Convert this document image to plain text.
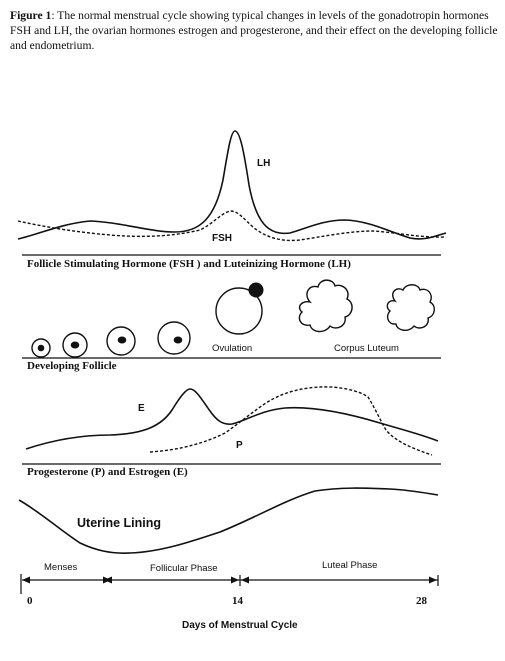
Figure 1: The normal menstrual cycle showing typical changes in levels of the gonadotropin hormones FSH and LH, the ovarian hormones estrogen and progesterone, and their effect on the developing follicle and endometrium.
LH
FSH
Follicle Stimulating Hormone (FSH ) and Luteinizing Hormone (LH)
Ovulation	Corpus Luteum
Developing Follicle
E
P
Progesterone (P) and Estrogen (E)
Uterine Lining
Menses	Follicular Phase	Luteal Phase
0	14	28
Days of Menstrual Cycle
